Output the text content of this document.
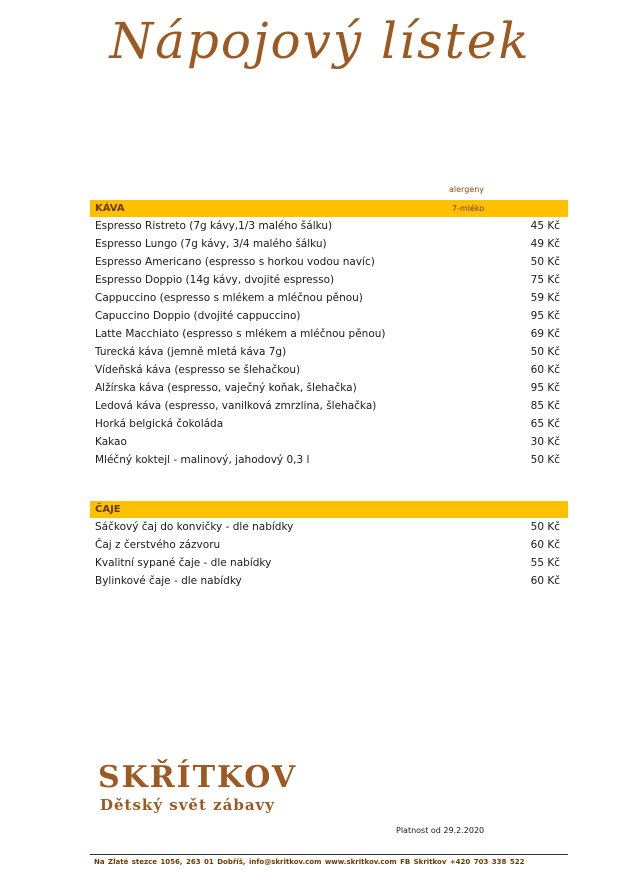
Nápojový lístek
alergeny
KÁVA	7-mléko
Espresso Ristreto (7g kávy,1/3 malého šálku)	45 Kč
Espresso Lungo (7g kávy, 3/4 malého šálku)	49 Kč
Espresso Americano (espresso s horkou vodou navíc)	50 Kč
Espresso Doppio (14g kávy, dvojité espresso)	75 Kč
Cappuccino (espresso s mlékem a mléčnou pěnou)	59 Kč
Capuccino Doppio (dvojité cappuccino)	95 Kč
Latte Macchiato (espresso s mlékem a mléčnou pěnou)	69 Kč
Turecká káva (jemně mletá káva 7g)	50 Kč
Vídeňská káva (espresso se šlehačkou)	60 Kč
Alžírska káva (espresso, vaječný koňak, šlehačka)	95 Kč
Ledová káva (espresso, vanilková zmrzlina, šlehačka)	85 Kč
Horká belgická čokoláda	65 Kč
Kakao	30 Kč
Mléčný koktejl - malinový, jahodový 0,3 l	50 Kč
ČAJE
Sáčkový čaj do konvičky - dle nabídky	50 Kč
Čaj z čerstvého zázvoru	60 Kč
Kvalitní sypané čaje - dle nabídky	55 Kč
Bylinkové čaje - dle nabídky	60 Kč
SKŘÍTKOV
Dětský svět zábavy
Platnost od 29.2.2020
Na Zlaté stezce 1056, 263 01 Dobříš, info@skritkov.com www.skritkov.com FB Skritkov +420 703 338 522
